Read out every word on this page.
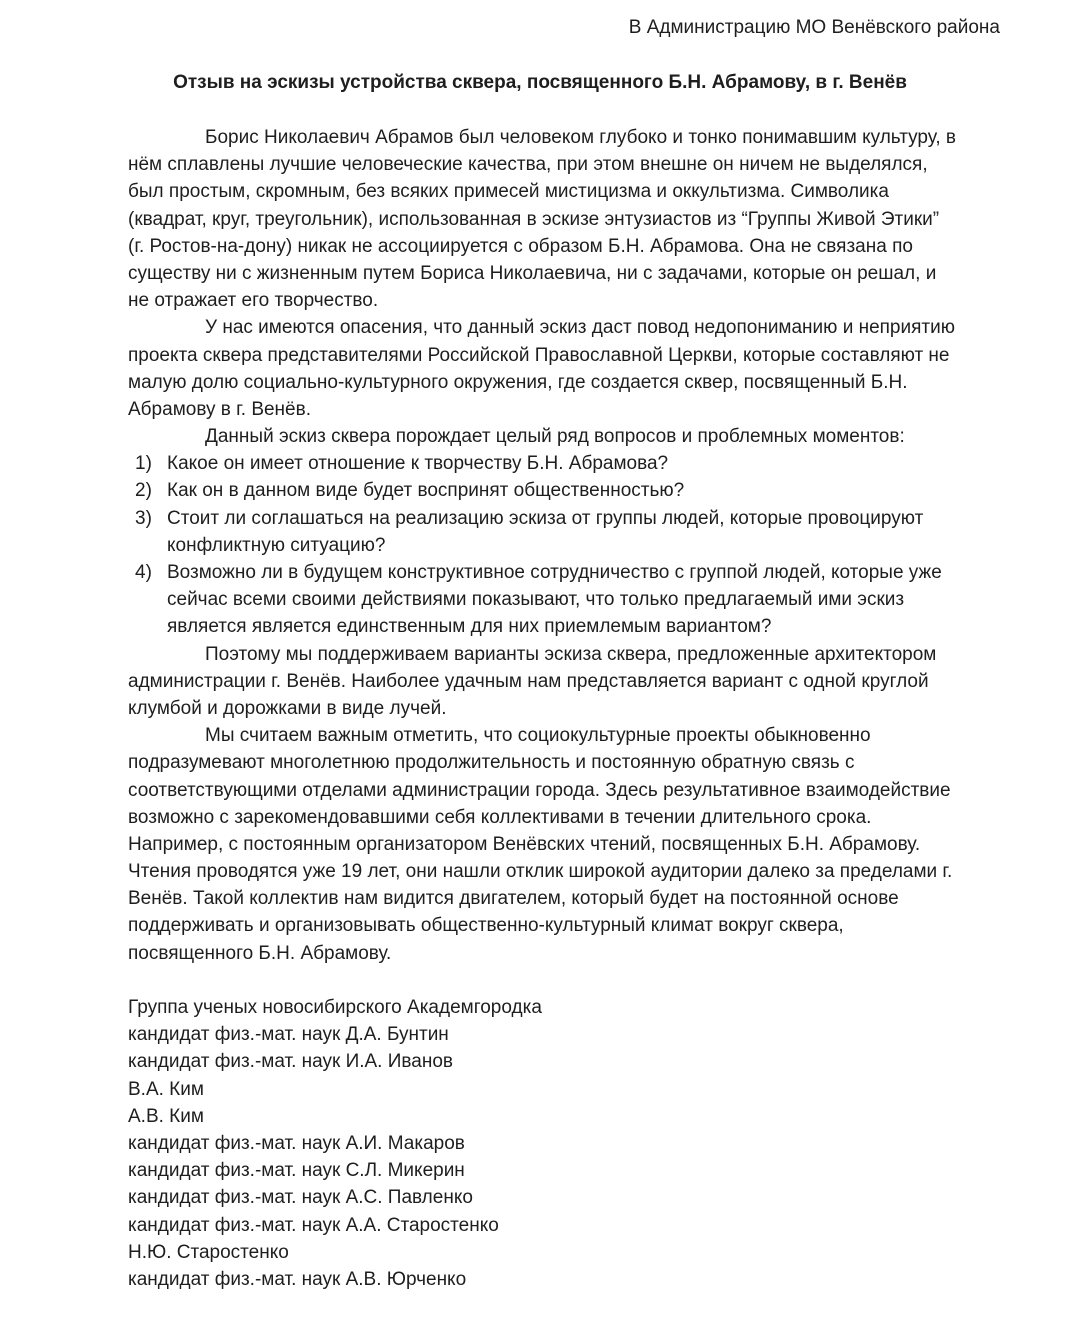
В Администрацию МО Венёвского района
Отзыв на эскизы устройства сквера, посвященного Б.Н. Абрамову, в г. Венёв
Борис Николаевич Абрамов был человеком глубоко и тонко понимавшим культуру, в
нём сплавлены лучшие человеческие качества, при этом внешне он ничем не выделялся,
был простым, скромным, без всяких примесей мистицизма и оккультизма. Символика
(квадрат, круг, треугольник), использованная в эскизе энтузиастов из “Группы Живой Этики”
(г. Ростов-на-дону) никак не ассоциируется с образом Б.Н. Абрамова. Она не связана по
существу ни с жизненным путем Бориса Николаевича, ни с задачами, которые он решал, и
не отражает его творчество.
У нас имеются опасения, что данный эскиз даст повод недопониманию и неприятию
проекта сквера представителями Российской Православной Церкви, которые составляют не
малую долю социально-культурного окружения, где создается сквер, посвященный Б.Н.
Абрамову в г. Венёв.
Данный эскиз сквера порождает целый ряд вопросов и проблемных моментов:
1) Какое он имеет отношение к творчеству Б.Н. Абрамова?
2) Как он в данном виде будет воспринят общественностью?
3) Стоит ли соглашаться на реализацию эскиза от группы людей, которые провоцируют
конфликтную ситуацию?
4) Возможно ли в будущем конструктивное сотрудничество с группой людей, которые уже
сейчас всеми своими действиями показывают, что только предлагаемый ими эскиз
является является единственным для них приемлемым вариантом?
Поэтому мы поддерживаем варианты эскиза сквера, предложенные архитектором
администрации г. Венёв. Наиболее удачным нам представляется вариант с одной круглой
клумбой и дорожками в виде лучей.
Мы считаем важным отметить, что социокультурные проекты обыкновенно
подразумевают многолетнюю продолжительность и постоянную обратную связь с
соответствующими отделами администрации города. Здесь результативное взаимодействие
возможно с зарекомендовавшими себя коллективами в течении длительного срока.
Например, с постоянным организатором Венёвских чтений, посвященных Б.Н. Абрамову.
Чтения проводятся уже 19 лет, они нашли отклик широкой аудитории далеко за пределами г.
Венёв. Такой коллектив нам видится двигателем, который будет на постоянной основе
поддерживать и организовывать общественно-культурный климат вокруг сквера,
посвященного Б.Н. Абрамову.
Группа ученых новосибирского Академгородка
кандидат физ.-мат. наук Д.А. Бунтин
кандидат физ.-мат. наук И.А. Иванов
В.А. Ким
А.В. Ким
кандидат физ.-мат. наук А.И. Макаров
кандидат физ.-мат. наук С.Л. Микерин
кандидат физ.-мат. наук А.С. Павленко
кандидат физ.-мат. наук А.А. Старостенко
Н.Ю. Старостенко
кандидат физ.-мат. наук А.В. Юрченко
